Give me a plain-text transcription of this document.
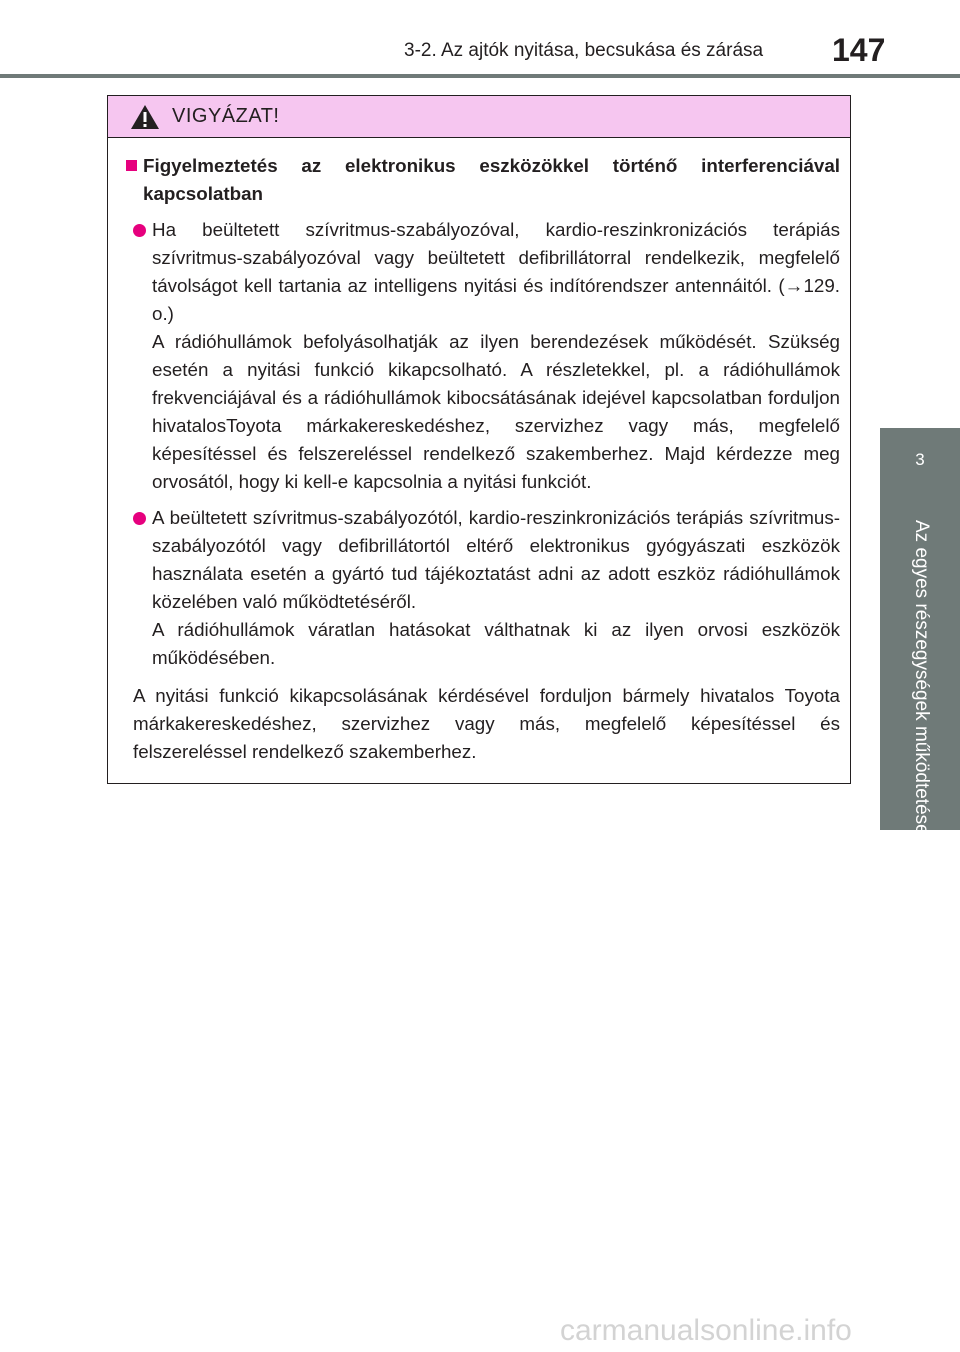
3-2. Az ajtók nyitása, becsukása és zárása 147
3
Az egyes részegységek működtetése
VIGYÁZAT!
Figyelmeztetés az elektronikus eszközökkel történő interferenciával kapcsolatban

Ha beültetett szívritmus-szabályozóval, kardio-reszinkronizációs terápiás szívritmus-szabályozóval vagy beültetett defibrillátorral rendelkezik, megfelelő távolságot kell tartania az intelligens nyitási és indítórendszer antennáitól. (→129. o.)

A rádióhullámok befolyásolhatják az ilyen berendezések működését. Szükség esetén a nyitási funkció kikapcsolható. A részletekkel, pl. a rádióhullámok frekvenciájával és a rádióhullámok kibocsátásának idejével kapcsolatban forduljon hivatalosToyota márkakereskedéshez, szervizhez vagy más, megfelelő képesítéssel és felszereléssel rendelkező szakemberhez. Majd kérdezze meg orvosától, hogy ki kell-e kapcsolnia a nyitási funkciót.

A beültetett szívritmus-szabályozótól, kardio-reszinkronizációs terápiás szívritmus-szabályozótól vagy defibrillátortól eltérő elektronikus gyógyászati eszközök használata esetén a gyártó tud tájékoztatást adni az adott eszköz rádióhullámok közelében való működtetéséről.

A rádióhullámok váratlan hatásokat válthatnak ki az ilyen orvosi eszközök működésében.

A nyitási funkció kikapcsolásának kérdésével forduljon bármely hivatalos Toyota márkakereskedéshez, szervizhez vagy más, megfelelő képesítéssel és felszereléssel rendelkező szakemberhez.
carmanualsonline.info
